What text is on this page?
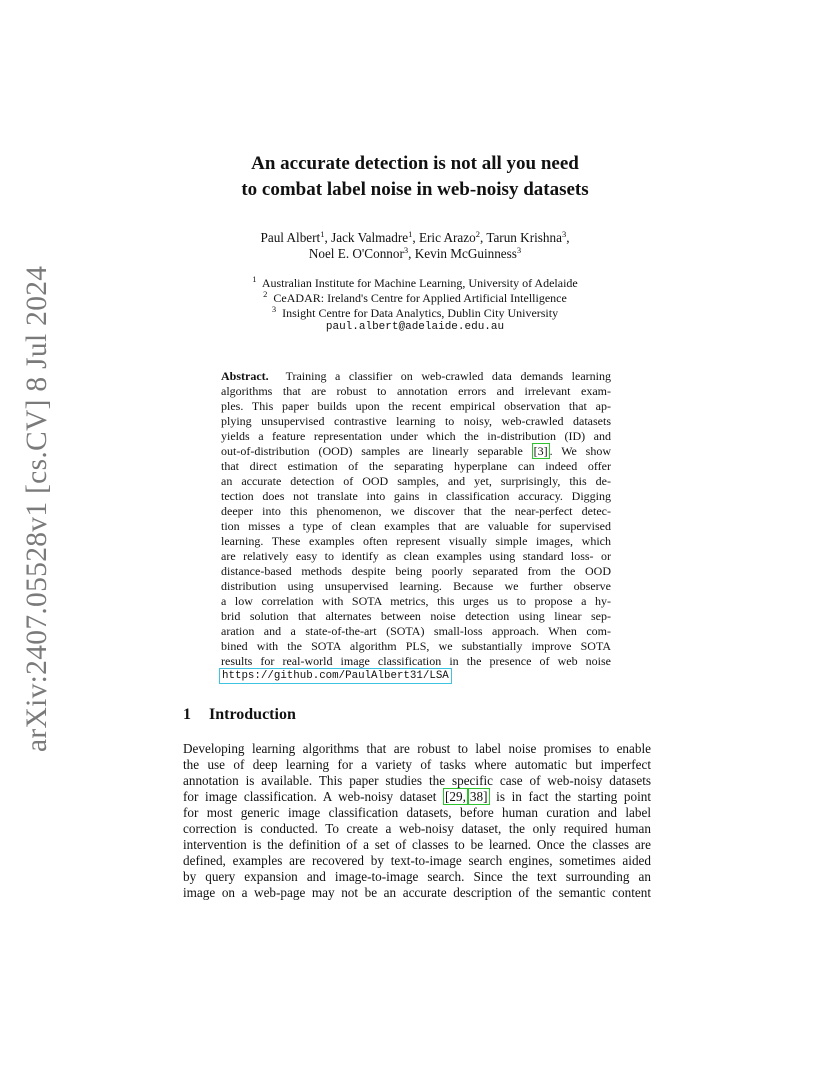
arXiv:2407.05528v1 [cs.CV] 8 Jul 2024
An accurate detection is not all you need
to combat label noise in web-noisy datasets
Paul Albert$^1$, Jack Valmadre$^1$, Eric Arazo$^2$, Tarun Krishna$^3$,
Noel E. O'Connor$^3$, Kevin McGuinness$^3$
$^1$ Australian Institute for Machine Learning, University of Adelaide
$^2$ CeADAR: Ireland's Centre for Applied Artificial Intelligence
$^3$ Insight Centre for Data Analytics, Dublin City University
paul.albert@adelaide.edu.au
Abstract. Training a classifier on web-crawled data demands learning
algorithms that are robust to annotation errors and irrelevant exam-
ples. This paper builds upon the recent empirical observation that ap-
plying unsupervised contrastive learning to noisy, web-crawled datasets
yields a feature representation under which the in-distribution (ID) and
out-of-distribution (OOD) samples are linearly separable [3] . We show
that direct estimation of the separating hyperplane can indeed offer
an accurate detection of OOD samples, and yet, surprisingly, this de-
tection does not translate into gains in classification accuracy. Digging
deeper into this phenomenon, we discover that the near-perfect detec-
tion misses a type of clean examples that are valuable for supervised
learning. These examples often represent visually simple images, which
are relatively easy to identify as clean examples using standard loss- or
distance-based methods despite being poorly separated from the OOD
distribution using unsupervised learning. Because we further observe
a low correlation with SOTA metrics, this urges us to propose a hy-
brid solution that alternates between noise detection using linear sep-
aration and a state-of-the-art (SOTA) small-loss approach. When com-
bined with the SOTA algorithm PLS, we substantially improve SOTA
results for real-world image classification in the presence of web noise
https://github.com/PaulAlbert31/LSA
1 Introduction
Developing learning algorithms that are robust to label noise promises to enable
the use of deep learning for a variety of tasks where automatic but imperfect
annotation is available. This paper studies the specific case of web-noisy datasets
for image classification. A web-noisy dataset [29, 38] is in fact the starting point
for most generic image classification datasets, before human curation and label
correction is conducted. To create a web-noisy dataset, the only required human
intervention is the definition of a set of classes to be learned. Once the classes are
defined, examples are recovered by text-to-image search engines, sometimes aided
by query expansion and image-to-image search. Since the text surrounding an
image on a web-page may not be an accurate description of the semantic content
